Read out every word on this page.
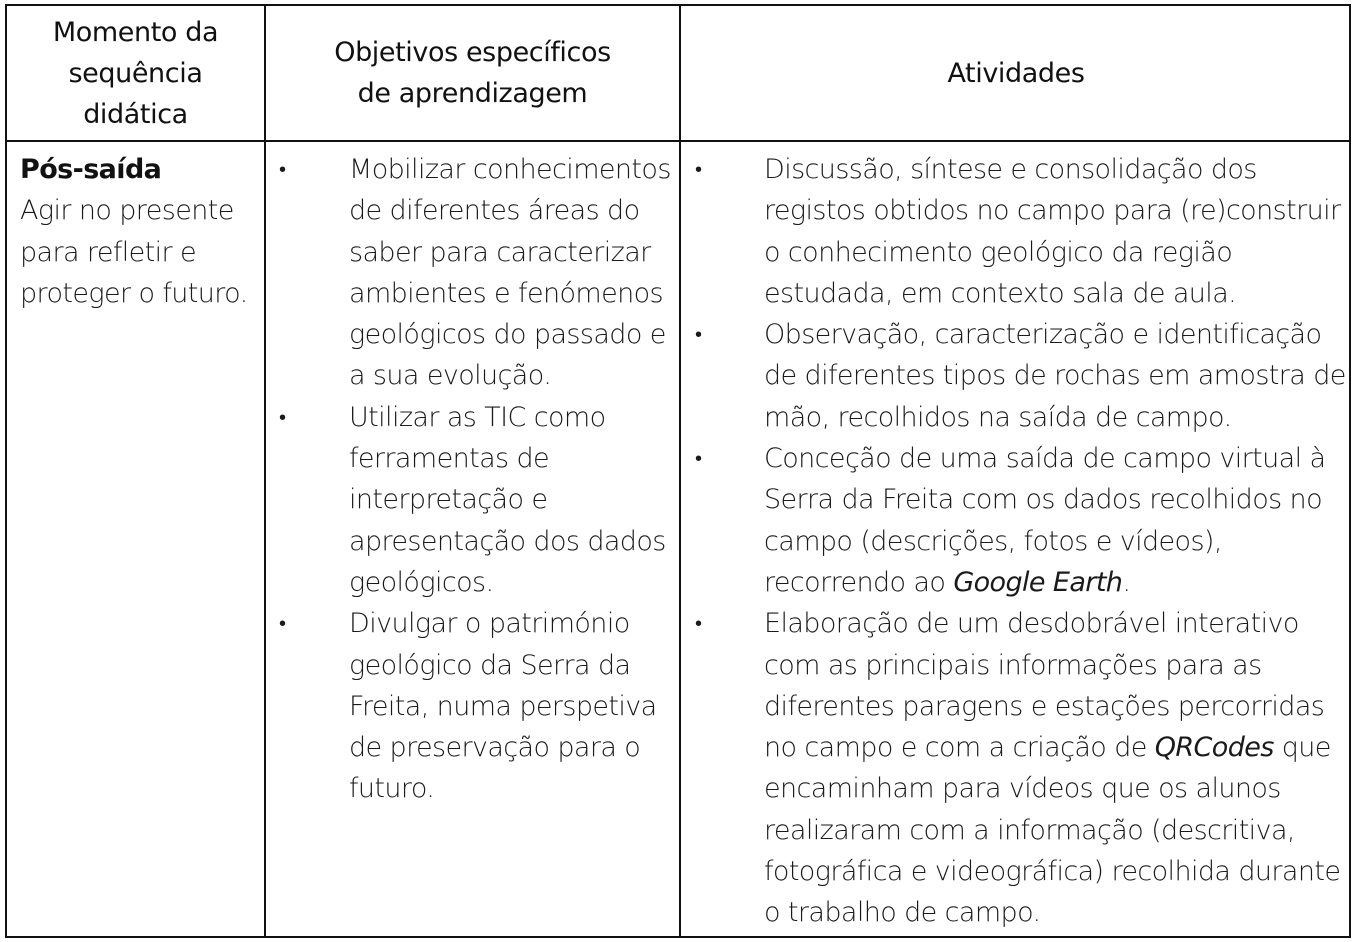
Momento da sequência didática
Objetivos específicos de aprendizagem
Atividades
Pós-saída
Agir no presente para refletir e proteger o futuro.
• Mobilizar conhecimentos de diferentes áreas do saber para caracterizar ambientes e fenómenos geológicos do passado e a sua evolução.
• Utilizar as TIC como ferramentas de interpretação e apresentação dos dados geológicos.
• Divulgar o património geológico da Serra da Freita, numa perspetiva de preservação para o futuro.
• Discussão, síntese e consolidação dos registos obtidos no campo para (re)construir o conhecimento geológico da região estudada, em contexto sala de aula.
• Observação, caracterização e identificação de diferentes tipos de rochas em amostra de mão, recolhidos na saída de campo.
• Conceção de uma saída de campo virtual à Serra da Freita com os dados recolhidos no campo (descrições, fotos e vídeos), recorrendo ao Google Earth.
• Elaboração de um desdobrável interativo com as principais informações para as diferentes paragens e estações percorridas no campo e com a criação de QRCodes que encaminham para vídeos que os alunos realizaram com a informação (descritiva, fotográfica e videográfica) recolhida durante o trabalho de campo.
